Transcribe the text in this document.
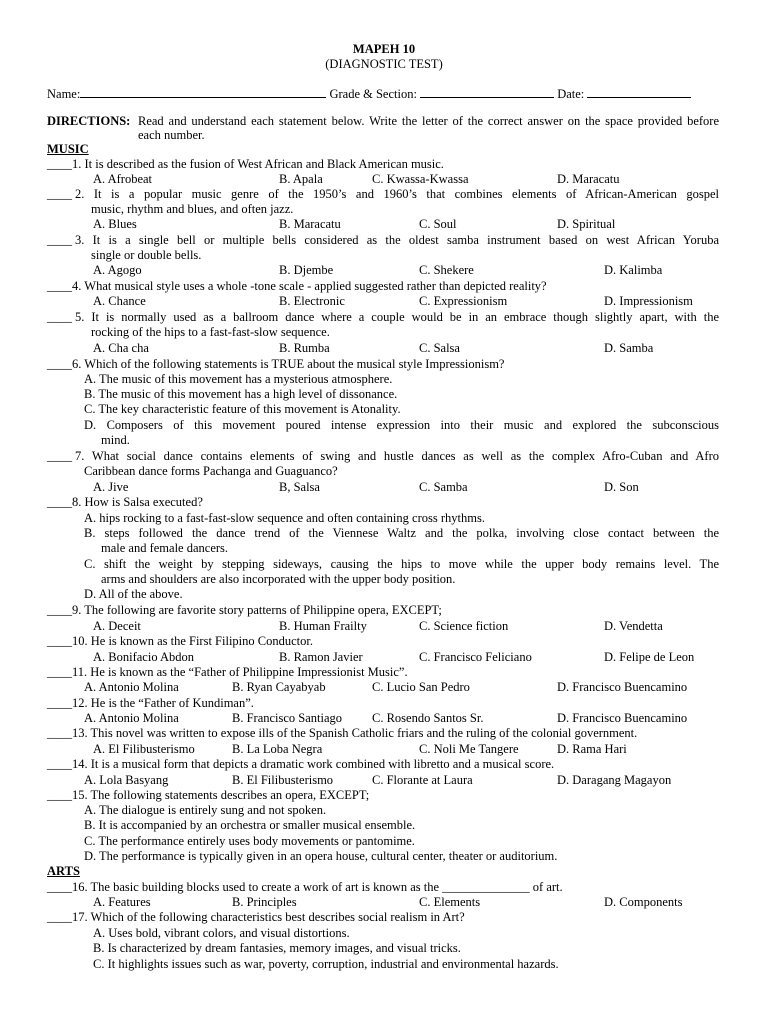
MAPEH 10
(DIAGNOSTIC TEST)
Name:	Grade & Section:	Date:
DIRECTIONS: Read and understand each statement below. Write the letter of the correct answer on the space provided before
each number.
MUSIC
____1. It is described as the fusion of West African and Black American music.
A. Afrobeat	B. Apala	C. Kwassa-Kwassa	D. Maracatu
____ 2. It is a popular music genre of the 1950’s and 1960’s that combines elements of African-American gospel
music, rhythm and blues, and often jazz.
A. Blues	B. Maracatu	C. Soul	D. Spiritual
____ 3. It is a single bell or multiple bells considered as the oldest samba instrument based on west African Yoruba
single or double bells.
A. Agogo	B. Djembe	C. Shekere	D. Kalimba
____4. What musical style uses a whole -tone scale - applied suggested rather than depicted reality?
A. Chance	B. Electronic	C. Expressionism	D. Impressionism
____ 5. It is normally used as a ballroom dance where a couple would be in an embrace though slightly apart, with the
rocking of the hips to a fast-fast-slow sequence.
A. Cha cha	B. Rumba	C. Salsa	D. Samba
____6. Which of the following statements is TRUE about the musical style Impressionism?
A. The music of this movement has a mysterious atmosphere.
B. The music of this movement has a high level of dissonance.
C. The key characteristic feature of this movement is Atonality.
D. Composers of this movement poured intense expression into their music and explored the subconscious
mind.
____ 7. What social dance contains elements of swing and hustle dances as well as the complex Afro-Cuban and Afro
Caribbean dance forms Pachanga and Guaguanco?
A. Jive	B, Salsa	C. Samba	D. Son
____8. How is Salsa executed?
A. hips rocking to a fast-fast-slow sequence and often containing cross rhythms.
B. steps followed the dance trend of the Viennese Waltz and the polka, involving close contact between the
male and female dancers.
C. shift the weight by stepping sideways, causing the hips to move while the upper body remains level. The
arms and shoulders are also incorporated with the upper body position.
D. All of the above.
____9. The following are favorite story patterns of Philippine opera, EXCEPT;
A. Deceit	B. Human Frailty	C. Science fiction	D. Vendetta
____10. He is known as the First Filipino Conductor.
A. Bonifacio Abdon	B. Ramon Javier	C. Francisco Feliciano	D. Felipe de Leon
____11. He is known as the “Father of Philippine Impressionist Music”.
A. Antonio Molina	B. Ryan Cayabyab	C. Lucio San Pedro	D. Francisco Buencamino
____12. He is the “Father of Kundiman”.
A. Antonio Molina	B. Francisco Santiago C. Rosendo Santos Sr.	D. Francisco Buencamino
____13. This novel was written to expose ills of the Spanish Catholic friars and the ruling of the colonial government.
A. El Filibusterismo	B. La Loba Negra	C. Noli Me Tangere	D. Rama Hari
____14. It is a musical form that depicts a dramatic work combined with libretto and a musical score.
A. Lola Basyang	B. El Filibusterismo	C. Florante at Laura	D. Daragang Magayon
____15. The following statements describes an opera, EXCEPT;
A. The dialogue is entirely sung and not spoken.
B. It is accompanied by an orchestra or smaller musical ensemble.
C. The performance entirely uses body movements or pantomime.
D. The performance is typically given in an opera house, cultural center, theater or auditorium.
ARTS
____16. The basic building blocks used to create a work of art is known as the ______________ of art.
A. Features	B. Principles	C. Elements	D. Components
____17. Which of the following characteristics best describes social realism in Art?
A. Uses bold, vibrant colors, and visual distortions.
B. Is characterized by dream fantasies, memory images, and visual tricks.
C. It highlights issues such as war, poverty, corruption, industrial and environmental hazards.
